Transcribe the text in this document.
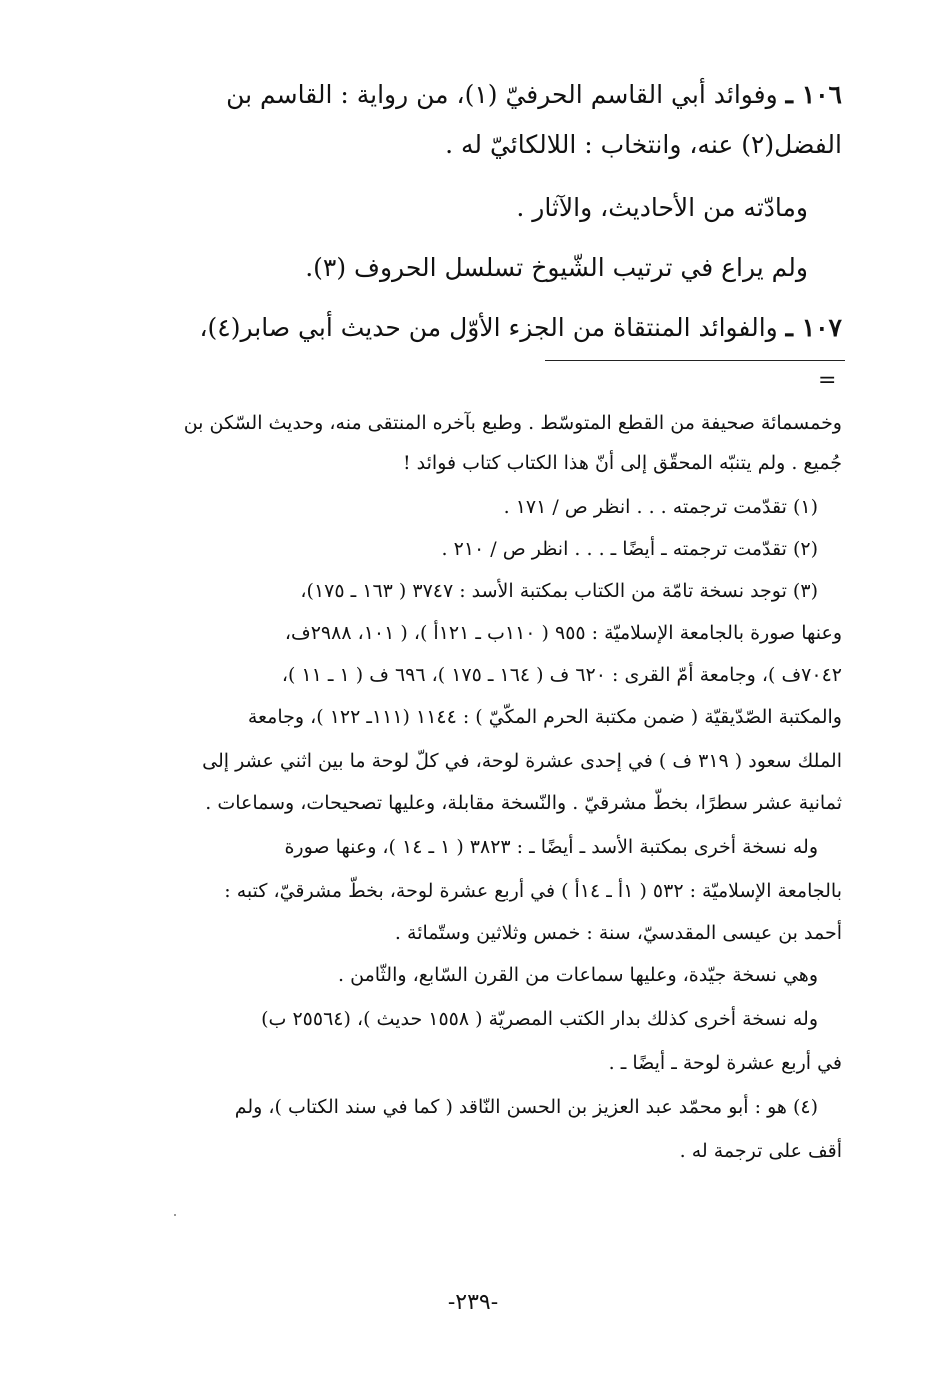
١٠٦ ـ وفوائد أبي القاسم الحرفيّ (١)، من رواية : القاسم بن
الفضل(٢) عنه، وانتخاب : اللالكائيّ له .
ومادّته من الأحاديث، والآثار .
ولم يراع في ترتيب الشّيوخ تسلسل الحروف (٣).
١٠٧ ـ والفوائد المنتقاة من الجزء الأوّل من حديث أبي صابر(٤)،
=
وخمسمائة صحيفة من القطع المتوسّط . وطبع بآخره المنتقى منه، وحديث السّكن بن
جُميع . ولم يتنبّه المحقّق إلى أنّ هذا الكتاب كتاب فوائد !
(١) تقدّمت ترجمته . . . انظر ص / ١٧١ .
(٢) تقدّمت ترجمته ـ أيضًا ـ . . . انظر ص / ٢١٠ .
(٣) توجد نسخة تامّة من الكتاب بمكتبة الأسد : ٣٧٤٧ ( ١٦٣ ـ ١٧٥)،
وعنها صورة بالجامعة الإسلاميّة : ٩٥٥ ( ١١٠ب ـ ١٢١أ )، ( ١٠١، ٢٩٨٨ف،
٧٠٤٢ف )، وجامعة أمّ القرى : ٦٢٠ ف ( ١٦٤ ـ ١٧٥ )، ٦٩٦ ف ( ١ ـ ١١ )،
والمكتبة الصّدّيقيّة ( ضمن مكتبة الحرم المكّيّ ) : ١١٤٤ (١١١ـ ١٢٢ )، وجامعة
الملك سعود ( ٣١٩ ف ) في إحدى عشرة لوحة، في كلّ لوحة ما بين اثني عشر إلى
ثمانية عشر سطرًا، بخطّ مشرقيّ . والنّسخة مقابلة، وعليها تصحيحات، وسماعات .
وله نسخة أخرى بمكتبة الأسد ـ أيضًا ـ : ٣٨٢٣ ( ١ ـ ١٤ )، وعنها صورة
بالجامعة الإسلاميّة : ٥٣٢ ( ١أ ـ ١٤أ ) في أربع عشرة لوحة، بخطّ مشرقيّ، كتبه :
أحمد بن عيسى المقدسيّ، سنة : خمس وثلاثين وستّمائة .
وهي نسخة جيّدة، وعليها سماعات من القرن السّابع، والثّامن .
وله نسخة أخرى كذلك بدار الكتب المصريّة ( ١٥٥٨ حديث )، (٢٥٥٦٤ ب)
في أربع عشرة لوحة ـ أيضًا ـ .
(٤) هو : أبو محمّد عبد العزيز بن الحسن النّاقد ( كما في سند الكتاب )، ولم
أقف على ترجمة له .
-٢٣٩-
